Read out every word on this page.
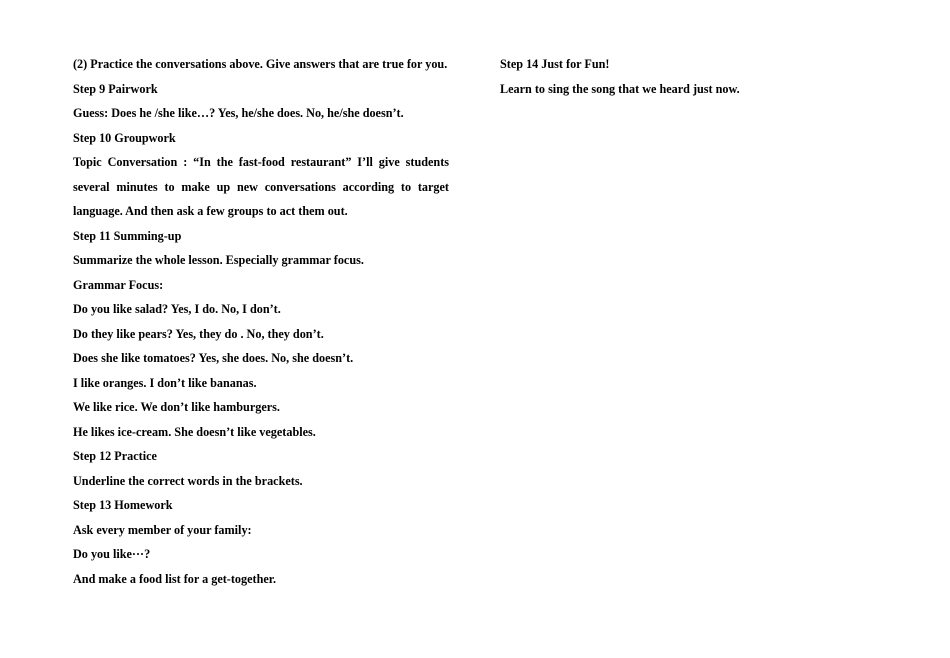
(2) Practice the conversations above. Give answers that are true for you.

Step 9 Pairwork

Guess: Does he /she like…? Yes, he/she does. No, he/she doesn’t.

Step 10 Groupwork

Topic Conversation : “In the fast-food restaurant” I’ll give students

several minutes to make up new conversations according to target

language. And then ask a few groups to act them out.

Step 11 Summing-up

Summarize the whole lesson. Especially grammar focus.

Grammar Focus:

Do you like salad? Yes, I do. No, I don’t.

Do they like pears? Yes, they do . No, they don’t.

Does she like tomatoes? Yes, she does. No, she doesn’t.

I like oranges. I don’t like bananas.

We like rice. We don’t like hamburgers.

He likes ice-cream. She doesn’t like vegetables.

Step 12 Practice

Underline the correct words in the brackets.

Step 13 Homework

Ask every member of your family:

Do you like···?

And make a food list for a get-together.

Step 14 Just for Fun!

Learn to sing the song that we heard just now.
